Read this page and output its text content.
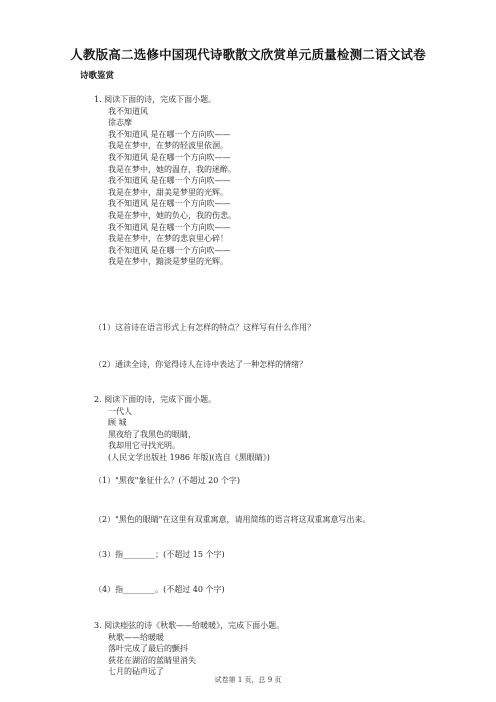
人教版高二选修中国现代诗歌散文欣赏单元质量检测二语文试卷
诗歌鉴赏

1. 阅读下面的诗，完成下面小题。

我不知道风
徐志摩
我不知道风 是在哪一个方向吹——
我是在梦中，在梦的轻波里依洄。
我不知道风 是在哪一个方向吹——
我是在梦中，她的温存，我的迷醉。
我不知道风 是在哪一个方向吹——
我是在梦中，甜美是梦里的光辉。
我不知道风 是在哪一个方向吹——
我是在梦中，她的负心，我的伤悲。
我不知道风 是在哪一个方向吹——
我是在梦中，在梦的悲哀里心碎！
我不知道风 是在哪一个方向吹——
我是在梦中，黯淡是梦里的光辉。

（1）这首诗在语言形式上有怎样的特点？这样写有什么作用？

（2）通读全诗，你觉得诗人在诗中表达了一种怎样的情绪？

2. 阅读下面的诗，完成下面小题。

一代人
顾 城
黑夜给了我黑色的眼睛，
我却用它寻找光明。
(人民文学出版社 1986 年版)(选自《黑眼睛》)

（1）"黑夜"象征什么？(不超过 20 个字)

（2）"黑色的眼睛"在这里有双重寓意，请用简练的语言将这双重寓意写出来。

（3）指________；(不超过 15 个字)

（4）指________。(不超过 40 个字)

3. 阅读瘂弦的诗《秋歌——给暖暖》，完成下面小题。

秋歌——给暖暖
落叶完成了最后的颤抖
荻花在湖沼的蓝睛里消失
七月的砧声远了
试卷第 1 页，总 9 页
